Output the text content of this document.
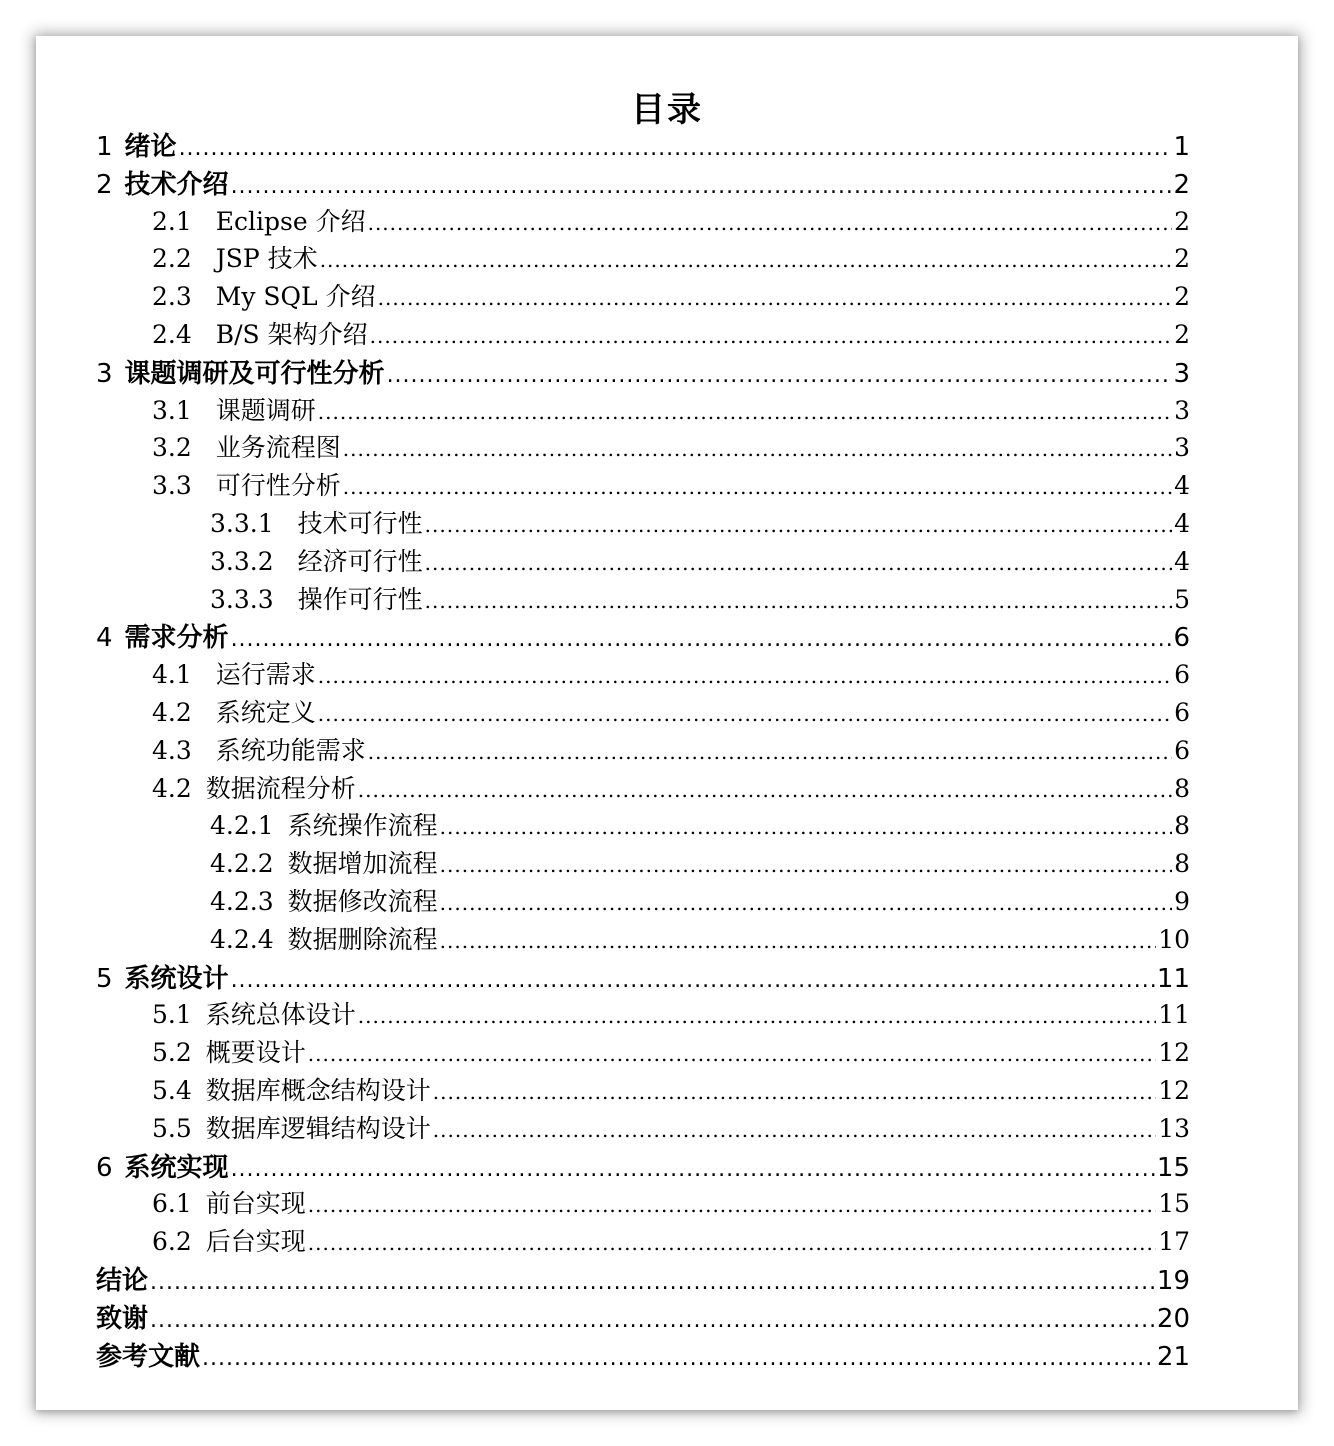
目录
1 绪论 .....	1
2 技术介绍 .....	2
2.1 Eclipse 介绍 .....	2
2.2 JSP 技术 .....	2
2.3 My SQL 介绍 .....	2
2.4 B/S 架构介绍 .....	2
3 课题调研及可行性分析 .....	3
3.1 课题调研 .....	3
3.2 业务流程图 .....	3
3.3 可行性分析 .....	4
3.3.1 技术可行性 .....	4
3.3.2 经济可行性 .....	4
3.3.3 操作可行性 .....	5
4 需求分析 .....	6
4.1 运行需求 .....	6
4.2 系统定义 .....	6
4.3 系统功能需求 .....	6
4.2 数据流程分析 .....	8
4.2.1 系统操作流程 .....	8
4.2.2 数据增加流程 .....	8
4.2.3 数据修改流程 .....	9
4.2.4 数据删除流程 .....	10
5 系统设计 .....	11
5.1 系统总体设计 .....	11
5.2 概要设计 .....	12
5.4 数据库概念结构设计 .....	12
5.5 数据库逻辑结构设计 .....	13
6 系统实现 .....	15
6.1 前台实现 .....	15
6.2 后台实现 .....	17
结论 .....	19
致谢 .....	20
参考文献 .....	21
